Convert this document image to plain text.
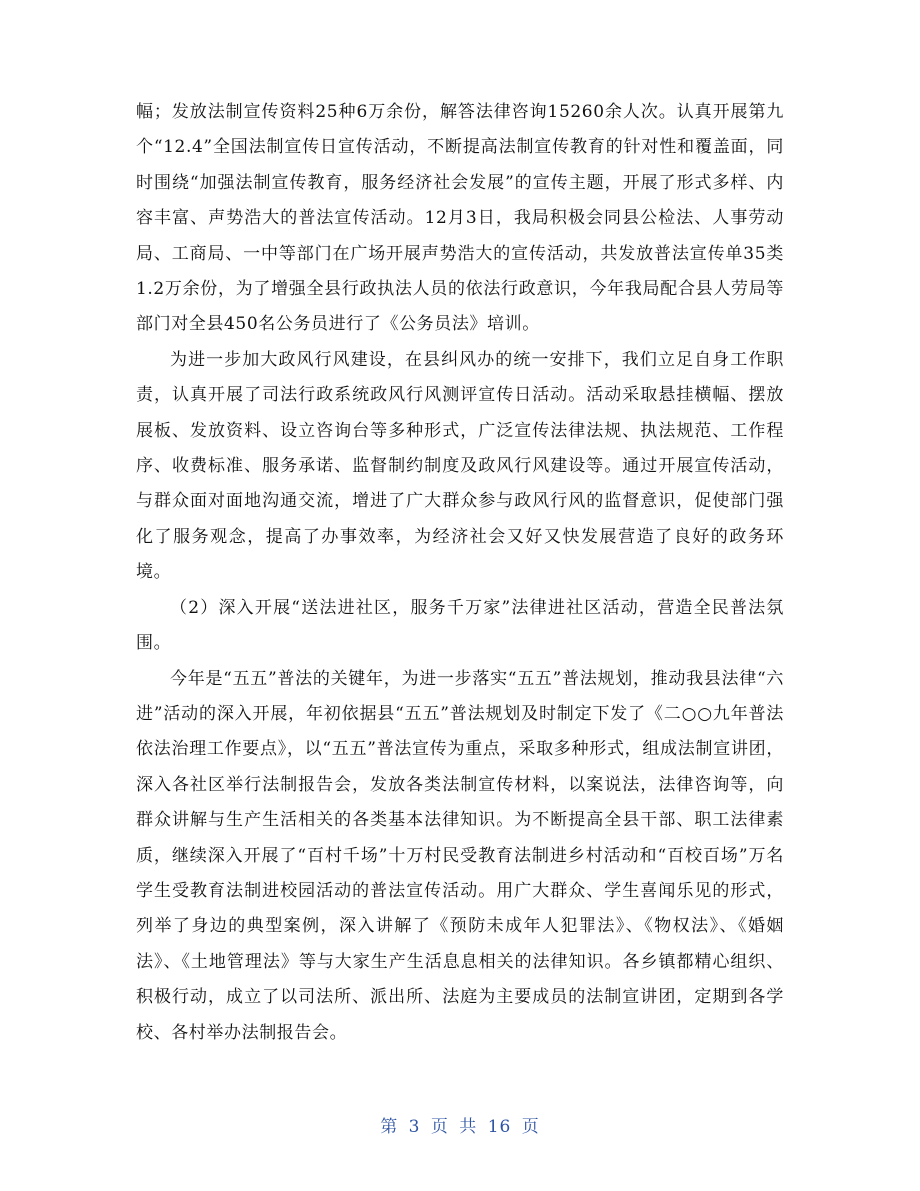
幅；发放法制宣传资料25种6万余份，解答法律咨询15260余人次。认真开展第九个“12.4”全国法制宣传日宣传活动，不断提高法制宣传教育的针对性和覆盖面，同时围绕“加强法制宣传教育，服务经济社会发展”的宣传主题，开展了形式多样、内容丰富、声势浩大的普法宣传活动。12月3日，我局积极会同县公检法、人事劳动局、工商局、一中等部门在广场开展声势浩大的宣传活动，共发放普法宣传单35类1.2万余份，为了增强全县行政执法人员的依法行政意识，今年我局配合县人劳局等部门对全县450名公务员进行了《公务员法》培训。

为进一步加大政风行风建设，在县纠风办的统一安排下，我们立足自身工作职责，认真开展了司法行政系统政风行风测评宣传日活动。活动采取悬挂横幅、摆放展板、发放资料、设立咨询台等多种形式，广泛宣传法律法规、执法规范、工作程序、收费标准、服务承诺、监督制约制度及政风行风建设等。通过开展宣传活动，与群众面对面地沟通交流，增进了广大群众参与政风行风的监督意识，促使部门强化了服务观念，提高了办事效率，为经济社会又好又快发展营造了良好的政务环境。

（2）深入开展“送法进社区，服务千万家”法律进社区活动，营造全民普法氛围。

今年是“五五”普法的关键年，为进一步落实“五五”普法规划，推动我县法律“六进”活动的深入开展，年初依据县“五五”普法规划及时制定下发了《二○○九年普法依法治理工作要点》，以“五五”普法宣传为重点，采取多种形式，组成法制宣讲团，深入各社区举行法制报告会，发放各类法制宣传材料，以案说法，法律咨询等，向群众讲解与生产生活相关的各类基本法律知识。为不断提高全县干部、职工法律素质，继续深入开展了“百村千场”十万村民受教育法制进乡村活动和“百校百场”万名学生受教育法制进校园活动的普法宣传活动。用广大群众、学生喜闻乐见的形式，列举了身边的典型案例，深入讲解了《预防未成年人犯罪法》、《物权法》、《婚姻法》、《土地管理法》等与大家生产生活息息相关的法律知识。各乡镇都精心组织、积极行动，成立了以司法所、派出所、法庭为主要成员的法制宣讲团，定期到各学校、各村举办法制报告会。

第 3 页 共 16 页
